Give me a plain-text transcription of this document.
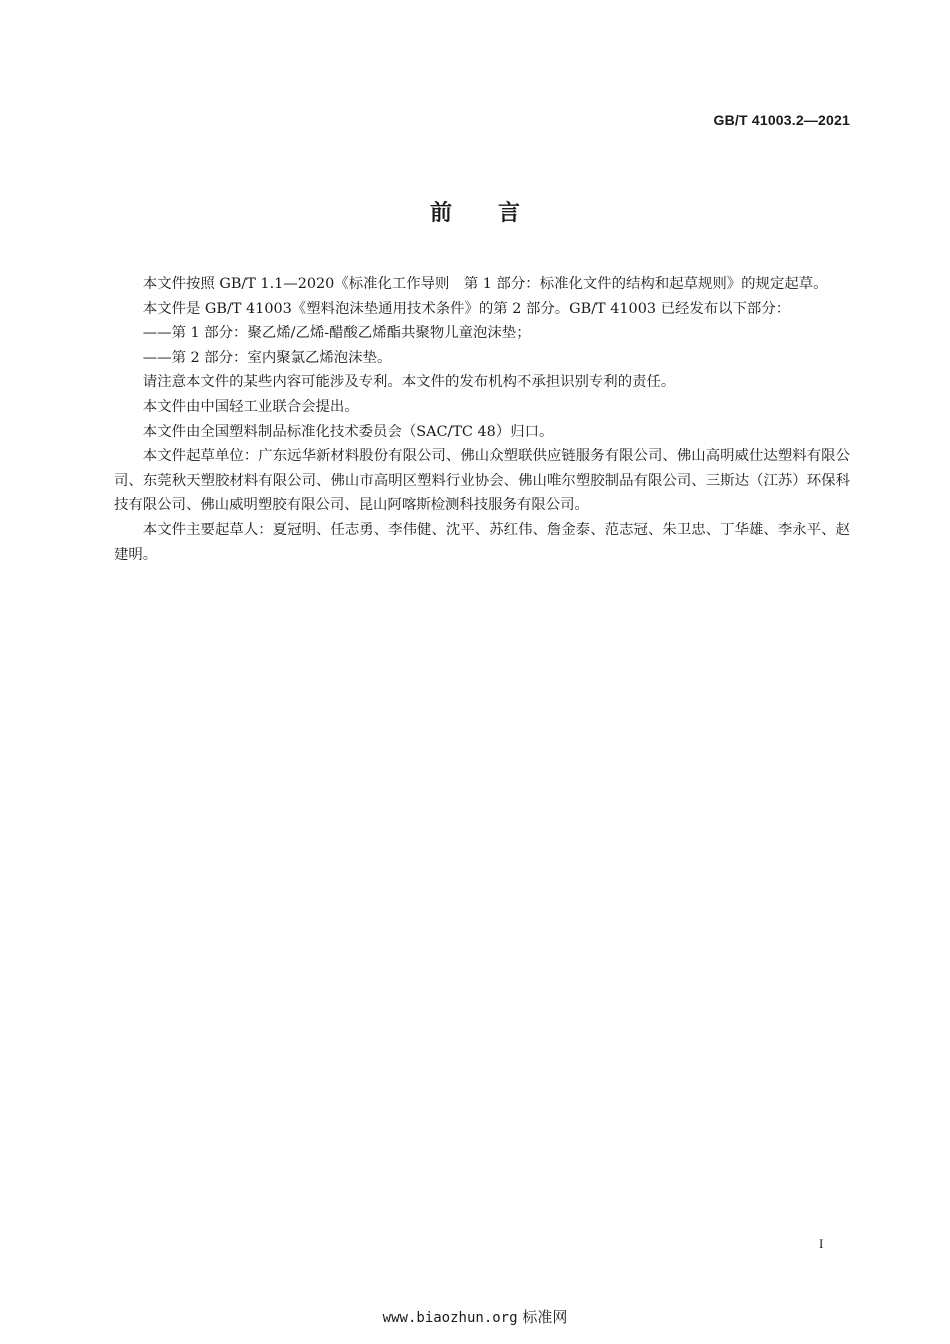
GB/T 41003.2—2021
前言

本文件按照 GB/T 1.1—2020《标准化工作导则　第 1 部分：标准化文件的结构和起草规则》的规定起草。

本文件是 GB/T 41003《塑料泡沫垫通用技术条件》的第 2 部分。GB/T 41003 已经发布以下部分：

——第 1 部分：聚乙烯/乙烯-醋酸乙烯酯共聚物儿童泡沫垫；

——第 2 部分：室内聚氯乙烯泡沫垫。

请注意本文件的某些内容可能涉及专利。本文件的发布机构不承担识别专利的责任。

本文件由中国轻工业联合会提出。

本文件由全国塑料制品标准化技术委员会（SAC/TC 48）归口。

本文件起草单位：广东远华新材料股份有限公司、佛山众塑联供应链服务有限公司、佛山高明威仕达塑料有限公司、东莞秋天塑胶材料有限公司、佛山市高明区塑料行业协会、佛山唯尔塑胶制品有限公司、三斯达（江苏）环保科技有限公司、佛山威明塑胶有限公司、昆山阿喀斯检测科技服务有限公司。

本文件主要起草人：夏冠明、任志勇、李伟健、沈平、苏红伟、詹金泰、范志冠、朱卫忠、丁华雄、李永平、赵建明。

I
www.biaozhun.org 标准网
